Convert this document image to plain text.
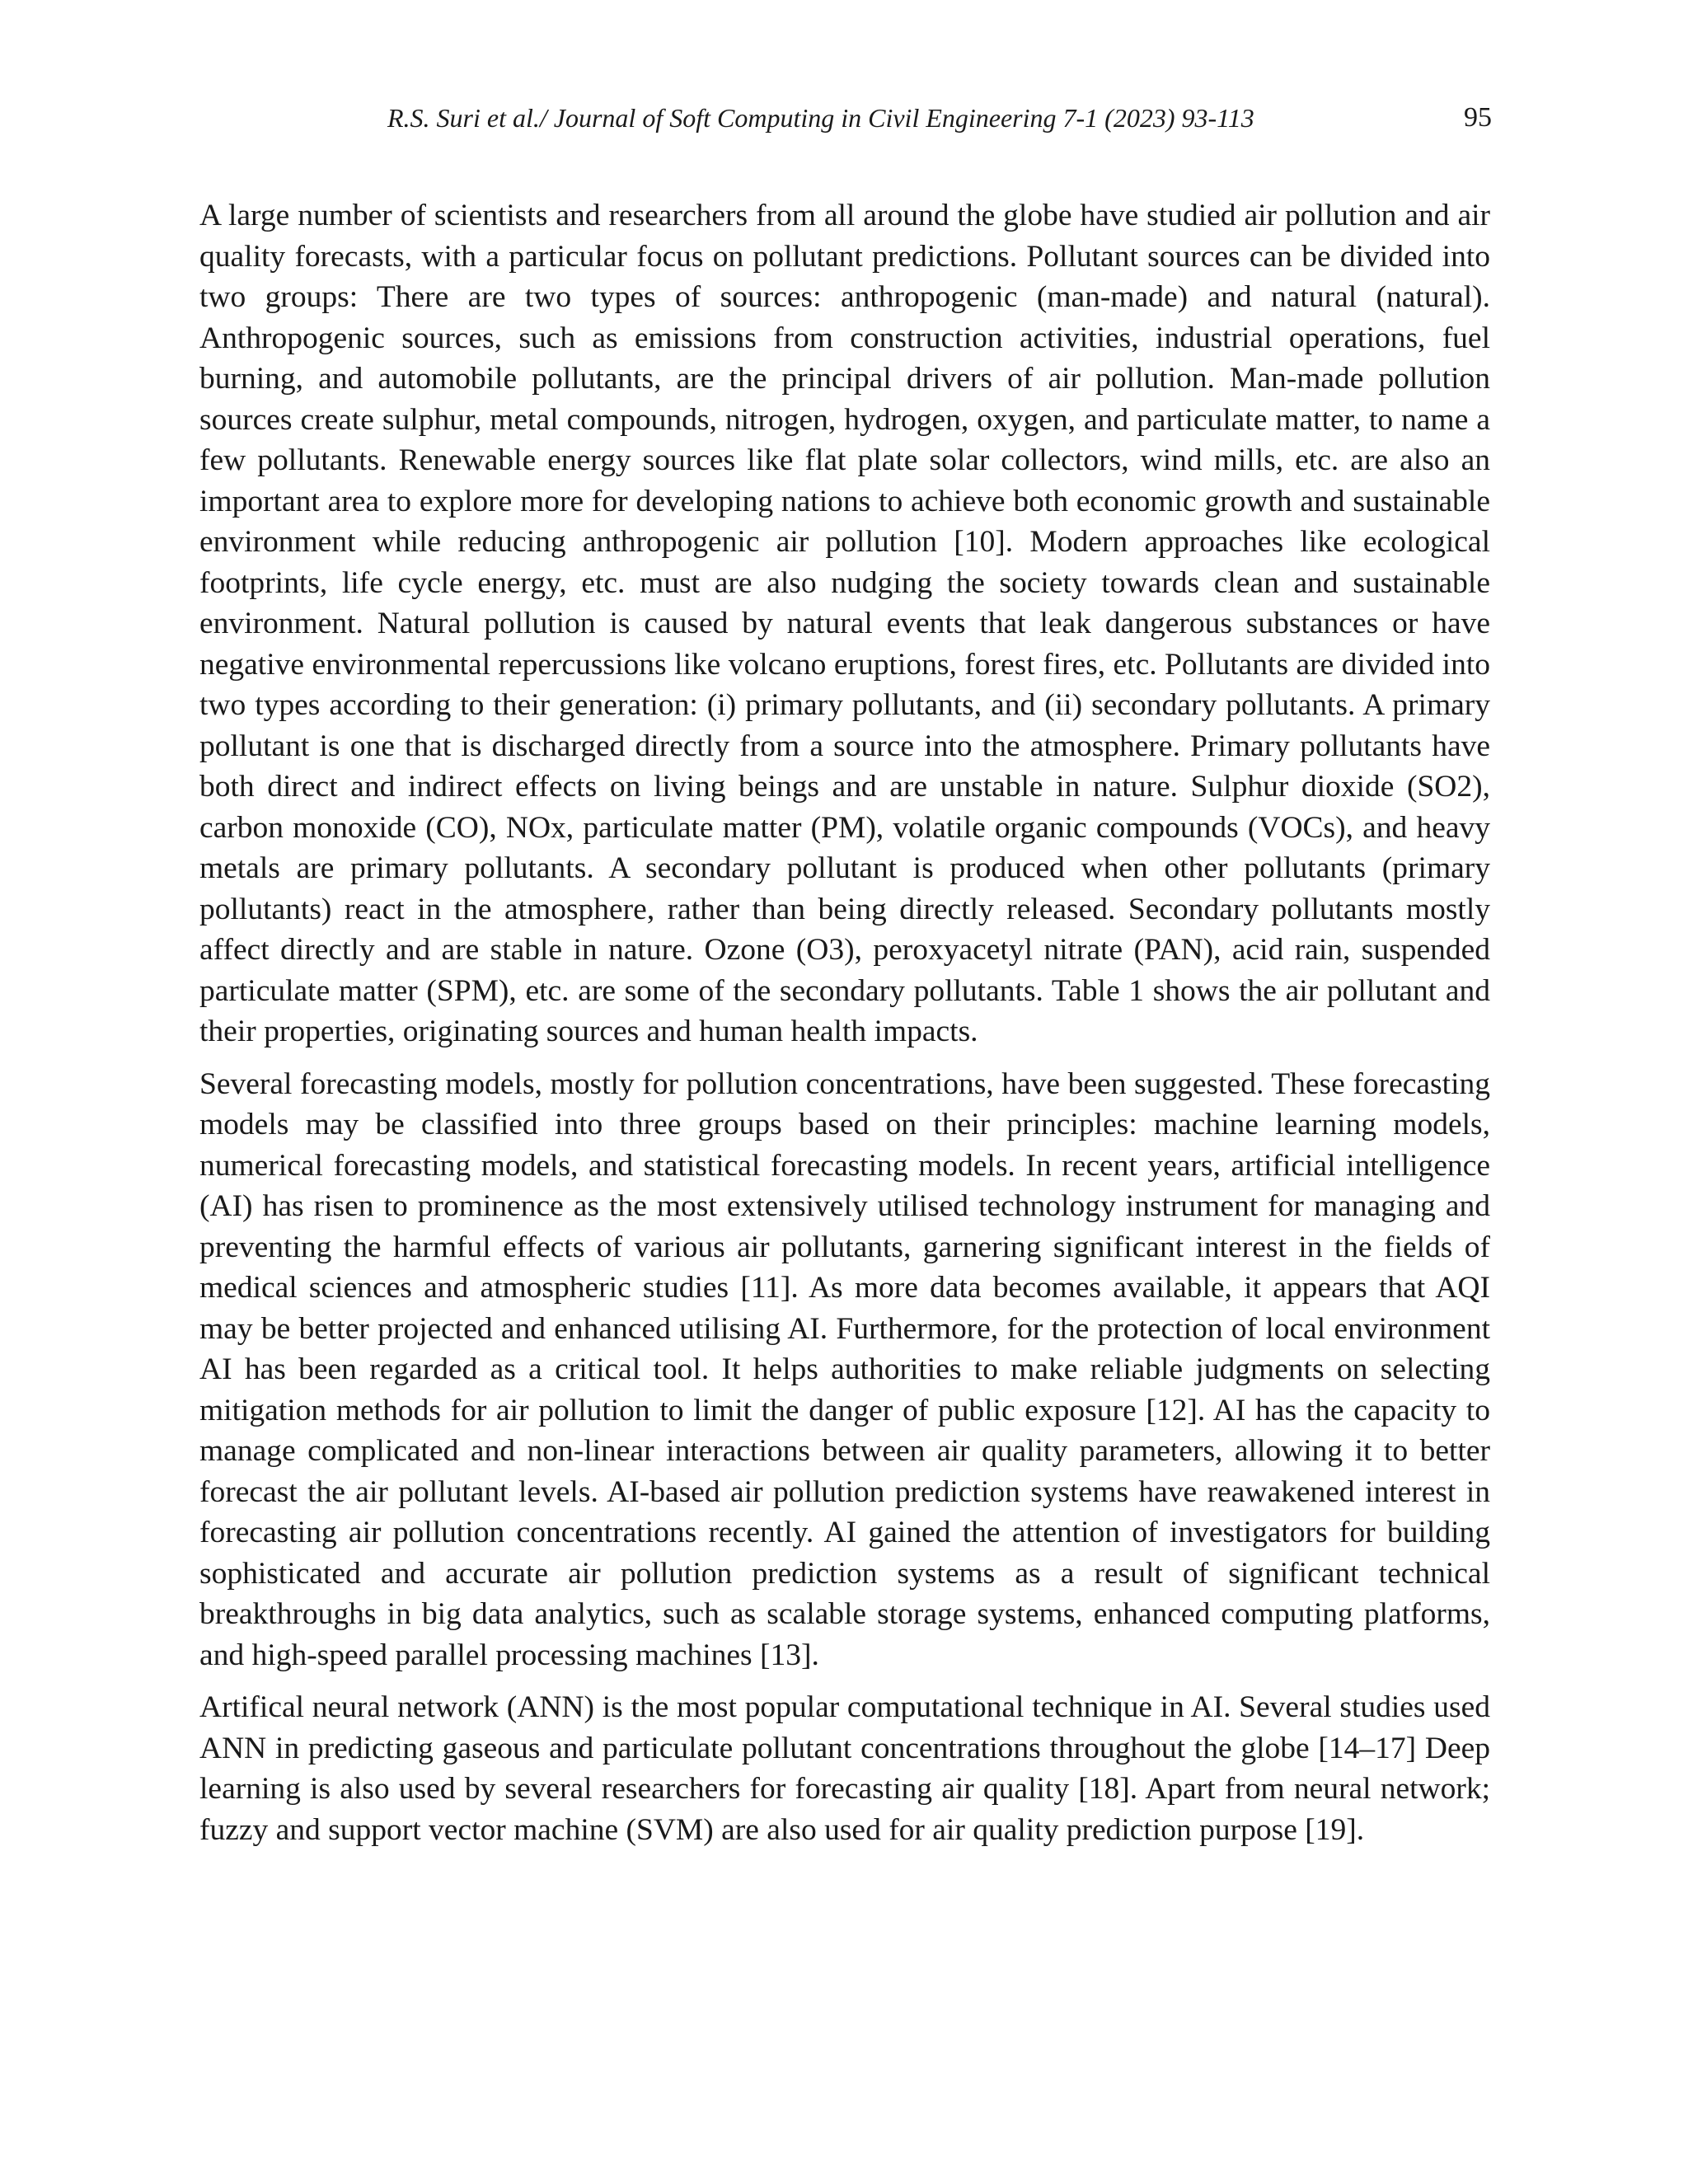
R.S. Suri et al./ Journal of Soft Computing in Civil Engineering 7-1 (2023) 93-113	95

A large number of scientists and researchers from all around the globe have studied air pollution and air quality forecasts, with a particular focus on pollutant predictions. Pollutant sources can be divided into two groups: There are two types of sources: anthropogenic (man-made) and natural (natural). Anthropogenic sources, such as emissions from construction activities, industrial operations, fuel burning, and automobile pollutants, are the principal drivers of air pollution. Man-made pollution sources create sulphur, metal compounds, nitrogen, hydrogen, oxygen, and particulate matter, to name a few pollutants. Renewable energy sources like flat plate solar collectors, wind mills, etc. are also an important area to explore more for developing nations to achieve both economic growth and sustainable environment while reducing anthropogenic air pollution [10]. Modern approaches like ecological footprints, life cycle energy, etc. must are also nudging the society towards clean and sustainable environment. Natural pollution is caused by natural events that leak dangerous substances or have negative environmental repercussions like volcano eruptions, forest fires, etc. Pollutants are divided into two types according to their generation: (i) primary pollutants, and (ii) secondary pollutants. A primary pollutant is one that is discharged directly from a source into the atmosphere. Primary pollutants have both direct and indirect effects on living beings and are unstable in nature. Sulphur dioxide (SO2), carbon monoxide (CO), NOx, particulate matter (PM), volatile organic compounds (VOCs), and heavy metals are primary pollutants. A secondary pollutant is produced when other pollutants (primary pollutants) react in the atmosphere, rather than being directly released. Secondary pollutants mostly affect directly and are stable in nature. Ozone (O3), peroxyacetyl nitrate (PAN), acid rain, suspended particulate matter (SPM), etc. are some of the secondary pollutants. Table 1 shows the air pollutant and their properties, originating sources and human health impacts.

Several forecasting models, mostly for pollution concentrations, have been suggested. These forecasting models may be classified into three groups based on their principles: machine learning models, numerical forecasting models, and statistical forecasting models. In recent years, artificial intelligence (AI) has risen to prominence as the most extensively utilised technology instrument for managing and preventing the harmful effects of various air pollutants, garnering significant interest in the fields of medical sciences and atmospheric studies [11]. As more data becomes available, it appears that AQI may be better projected and enhanced utilising AI. Furthermore, for the protection of local environment AI has been regarded as a critical tool. It helps authorities to make reliable judgments on selecting mitigation methods for air pollution to limit the danger of public exposure [12]. AI has the capacity to manage complicated and non-linear interactions between air quality parameters, allowing it to better forecast the air pollutant levels. AI-based air pollution prediction systems have reawakened interest in forecasting air pollution concentrations recently. AI gained the attention of investigators for building sophisticated and accurate air pollution prediction systems as a result of significant technical breakthroughs in big data analytics, such as scalable storage systems, enhanced computing platforms, and high-speed parallel processing machines [13].

Artifical neural network (ANN) is the most popular computational technique in AI. Several studies used ANN in predicting gaseous and particulate pollutant concentrations throughout the globe [14–17] Deep learning is also used by several researchers for forecasting air quality [18]. Apart from neural network; fuzzy and support vector machine (SVM) are also used for air quality prediction purpose [19].
